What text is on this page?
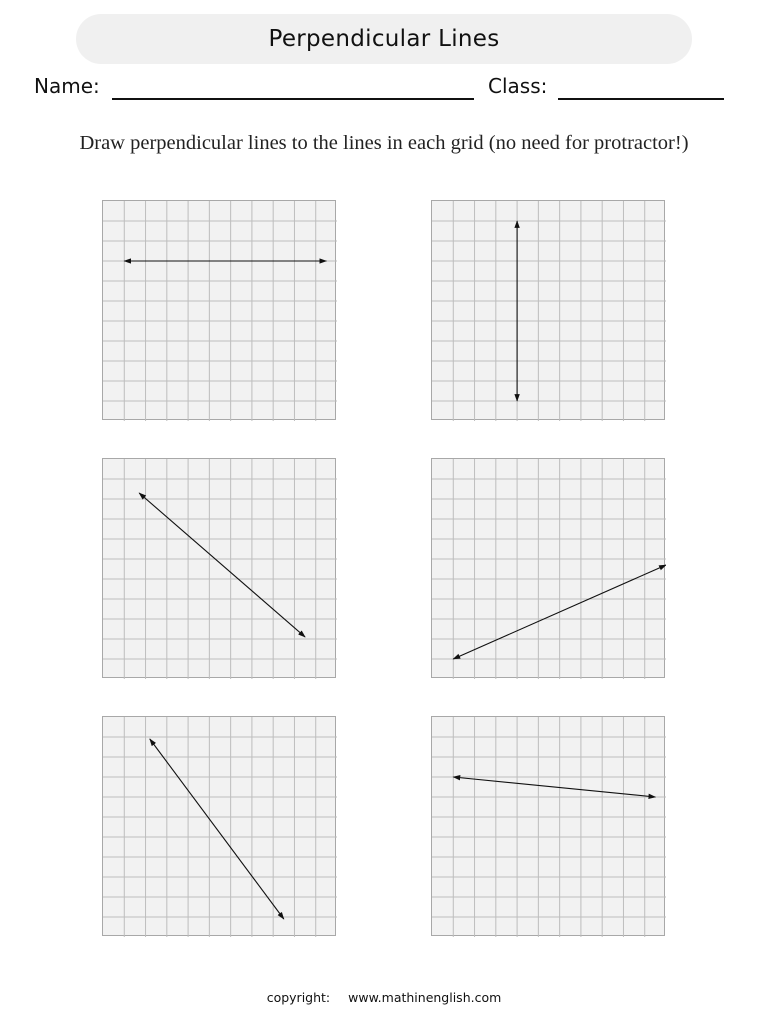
Perpendicular Lines
Name:	Class:
Draw perpendicular lines to the lines in each grid (no need for protractor!)
copyright: www.mathinenglish.com
